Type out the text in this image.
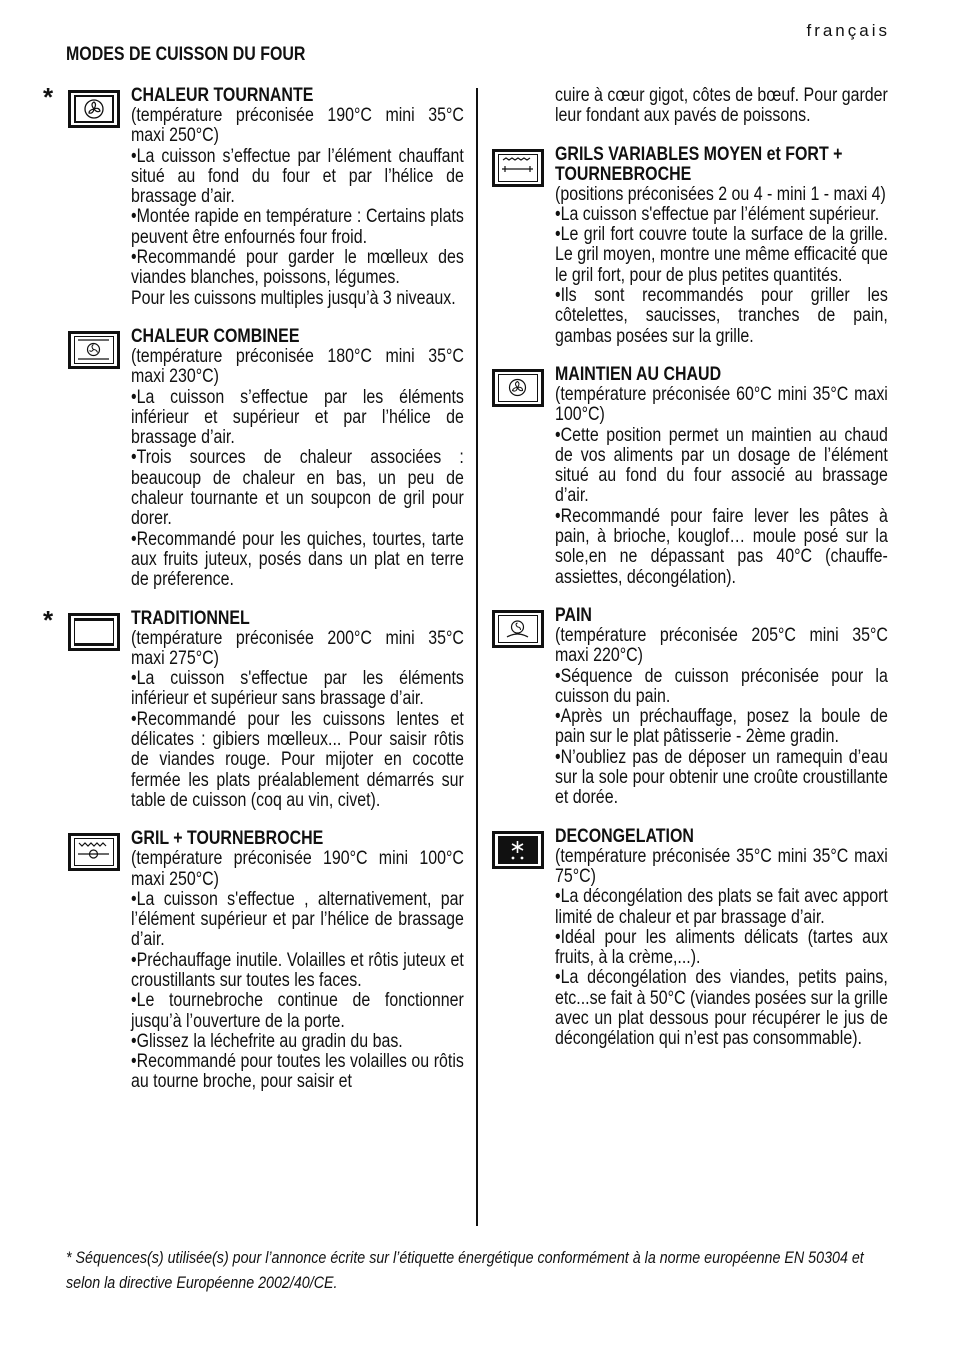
français
MODES DE CUISSON DU FOUR
*	CHALEUR TOURNANTE

(température préconisée 190°C mini 35°C maxi 250°C)

•La cuisson s’effectue par l’élément chauffant situé au fond du four et par l’hélice de brassage d’air.

•Montée rapide en température : Certains plats peuvent être enfournés four froid.

•Recommandé pour garder le mœlleux des viandes blanches, poissons, légumes.

Pour les cuissons multiples jusqu’à 3 niveaux.

CHALEUR COMBINEE

(température préconisée 180°C mini 35°C maxi 230°C)

•La cuisson s’effectue par les éléments inférieur et supérieur et par l’hélice de brassage d’air.

•Trois sources de chaleur associées : beaucoup de chaleur en bas, un peu de chaleur tournante et un soupcon de gril pour dorer.

•Recommandé pour les quiches, tourtes, tarte aux fruits juteux, posés dans un plat en terre de préference.

*	TRADITIONNEL

(température préconisée 200°C mini 35°C maxi 275°C)

•La cuisson s'effectue par les éléments inférieur et supérieur sans brassage d’air.

•Recommandé pour les cuissons lentes et délicates : gibiers mœlleux... Pour saisir rôtis de viandes rouge. Pour mijoter en cocotte fermée les plats préalablement démarrés sur table de cuisson (coq au vin, civet).

GRIL + TOURNEBROCHE

(température préconisée 190°C mini 100°C maxi 250°C)

•La cuisson s'effectue , alternativement, par l’élément supérieur et par l’hélice de brassage d’air.

•Préchauffage inutile. Volailles et rôtis juteux et croustillants sur toutes les faces.

•Le tournebroche continue de fonctionner jusqu’à l’ouverture de la porte.

•Glissez la léchefrite au gradin du bas.

•Recommandé pour toutes les volailles ou rôtis au tourne broche, pour saisir et

cuire à cœur gigot, côtes de bœuf. Pour garder leur fondant aux pavés de poissons.

GRILS VARIABLES MOYEN et FORT + TOURNEBROCHE

(positions préconisées 2 ou 4 - mini 1 - maxi 4)

•La cuisson s'effectue par l’élément supérieur.

•Le gril fort couvre toute la surface de la grille. Le gril moyen, montre une même efficacité que le gril fort, pour de plus petites quantités.

•Ils sont recommandés pour griller les côtelettes, saucisses, tranches de pain, gambas posées sur la grille.

MAINTIEN AU CHAUD

(température préconisée 60°C mini 35°C maxi 100°C)

•Cette position permet un maintien au chaud de vos aliments par un dosage de l’élément situé au fond du four associé au brassage d’air.

•Recommandé pour faire lever les pâtes à pain, à brioche, kouglof… moule posé sur la sole,en ne dépassant pas 40°C (chauffe-assiettes, décongélation).

PAIN

(température préconisée 205°C mini 35°C maxi 220°C)

•Séquence de cuisson préconisée pour la cuisson du pain.

•Après un préchauffage, posez la boule de pain sur le plat pâtisserie - 2ème gradin.

•N’oubliez pas de déposer un ramequin d’eau sur la sole pour obtenir une croûte croustillante et dorée.

DECONGELATION

(température préconisée 35°C mini 35°C maxi 75°C)

•La décongélation des plats se fait avec apport limité de chaleur et par brassage d’air.

•Idéal pour les aliments délicats (tartes aux fruits, à la crème,...).

•La décongélation des viandes, petits pains, etc...se fait à 50°C (viandes posées sur la grille avec un plat dessous pour récupérer le jus de décongélation qui n’est pas consommable).

* Séquences(s) utilisée(s) pour l’annonce écrite sur l’étiquette énergétique conformément à la norme européenne EN 50304 et selon la directive Européenne 2002/40/CE.
